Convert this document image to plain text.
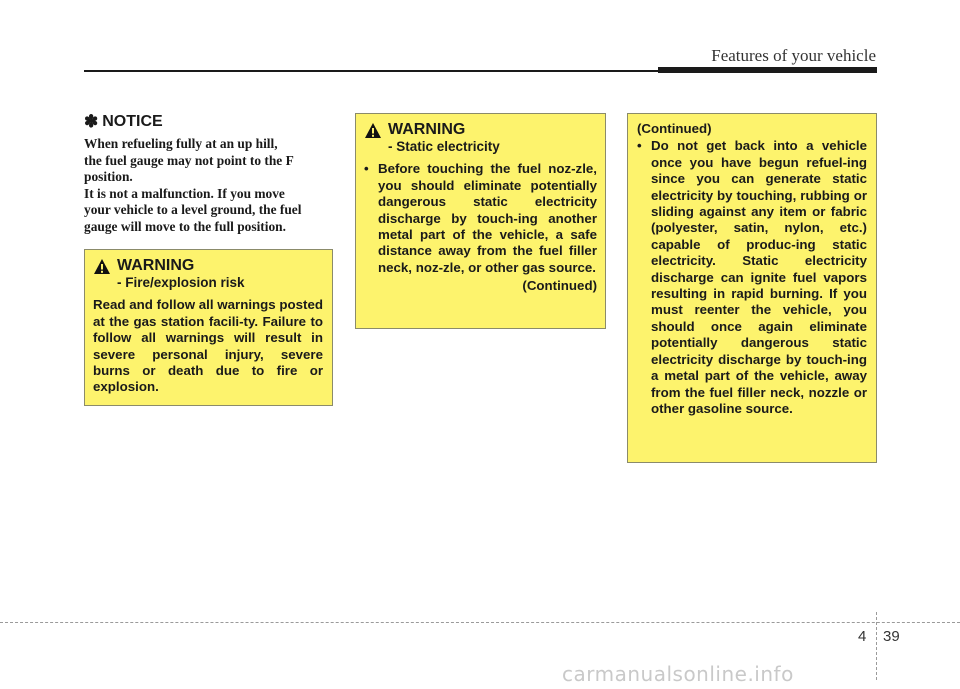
Features of your vehicle
✽ NOTICE

When refueling fully at an up hill,
the fuel gauge may not point to the F
position.
It is not a malfunction. If you move
your vehicle to a level ground, the fuel
gauge will move to the full position.

WARNING
- Fire/explosion risk
Read and follow all warnings posted at the gas station facili-ty. Failure to follow all warnings will result in severe personal injury, severe burns or death due to fire or explosion.
WARNING
- Static electricity
• Before touching the fuel noz-zle, you should eliminate potentially dangerous static electricity discharge by touch-ing another metal part of the vehicle, a safe distance away from the fuel filler neck, noz-zle, or other gas source.
(Continued)
(Continued)
• Do not get back into a vehicle once you have begun refuel-ing since you can generate static electricity by touching, rubbing or sliding against any item or fabric (polyester, satin, nylon, etc.) capable of produc-ing static electricity. Static electricity discharge can ignite fuel vapors resulting in rapid burning. If you must reenter the vehicle, you should once again eliminate potentially dangerous static electricity discharge by touch-ing a metal part of the vehicle, away from the fuel filler neck, nozzle or other gasoline source.
4 39
carmanualsonline.info
